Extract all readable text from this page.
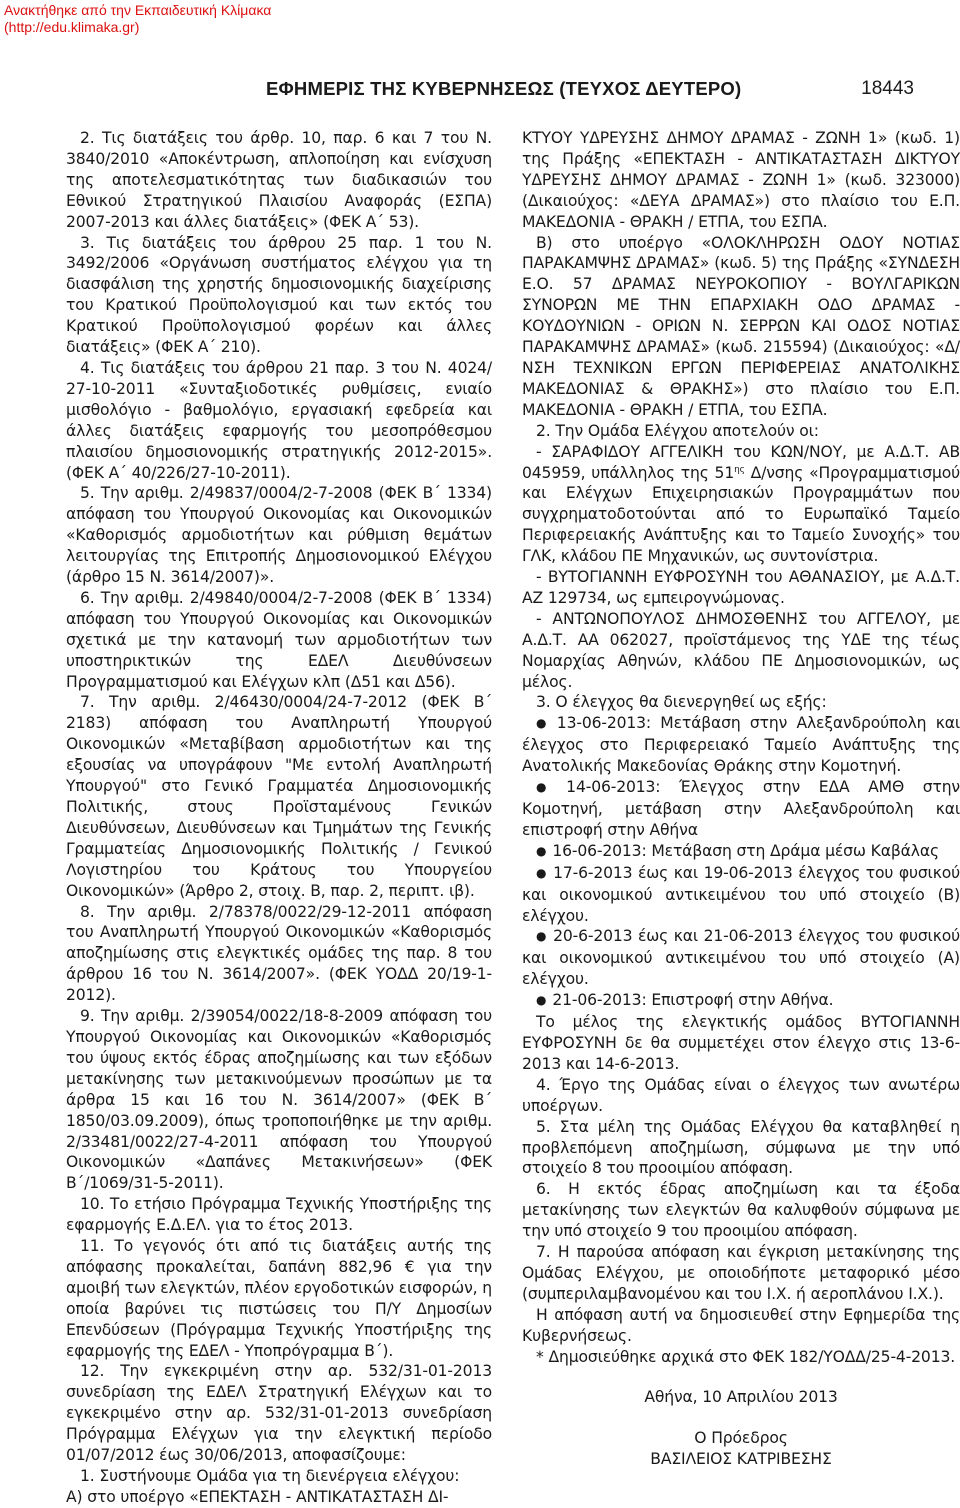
Ανακτήθηκε από την Εκπαιδευτική Κλίμακα
(http://edu.klimaka.gr)
ΕΦΗΜΕΡΙΣ ΤΗΣ ΚΥΒΕΡΝΗΣΕΩΣ (ΤΕΥΧΟΣ ΔΕΥΤΕΡΟ)	18443

2. Τις διατάξεις του άρθρ. 10, παρ. 6 και 7 του Ν. 3840/2010 «Αποκέντρωση, απλοποίηση και ενίσχυση της αποτελεσματικότητας των διαδικασιών του Εθνικού Στρατηγικού Πλαισίου Αναφοράς (ΕΣΠΑ) 2007-2013 και άλλες διατάξεις» (ΦΕΚ Α΄ 53).

3. Τις διατάξεις του άρθρου 25 παρ. 1 του Ν. 3492/2006 «Οργάνωση συστήματος ελέγχου για τη διασφάλιση της χρηστής δημοσιονομικής διαχείρισης του Κρατικού Προϋπολογισμού και των εκτός του Κρατικού Προϋπολογισμού φορέων και άλλες διατάξεις» (ΦΕΚ Α΄ 210).

4. Τις διατάξεις του άρθρου 21 παρ. 3 του Ν. 4024/ 27-10-2011 «Συνταξιοδοτικές ρυθμίσεις, ενιαίο μισθολόγιο - βαθμολόγιο, εργασιακή εφεδρεία και άλλες διατάξεις εφαρμογής του μεσοπρόθεσμου πλαισίου δημοσιονομικής στρατηγικής 2012-2015». (ΦΕΚ Α΄ 40/226/27-10-2011).

5. Την αριθμ. 2/49837/0004/2-7-2008 (ΦΕΚ Β΄ 1334) απόφαση του Υπουργού Οικονομίας και Οικονομικών «Καθορισμός αρμοδιοτήτων και ρύθμιση θεμάτων λειτουργίας της Επιτροπής Δημοσιονομικού Ελέγχου (άρθρο 15 Ν. 3614/2007)».

6. Την αριθμ. 2/49840/0004/2-7-2008 (ΦΕΚ Β΄ 1334) απόφαση του Υπουργού Οικονομίας και Οικονομικών σχετικά με την κατανομή των αρμοδιοτήτων των υποστηρικτικών της ΕΔΕΛ Διευθύνσεων Προγραμματισμού και Ελέγχων κλπ (Δ51 και Δ56).

7. Την αριθμ. 2/46430/0004/24-7-2012 (ΦΕΚ Β΄ 2183) απόφαση του Αναπληρωτή Υπουργού Οικονομικών «Μεταβίβαση αρμοδιοτήτων και της εξουσίας να υπογράφουν "Με εντολή Αναπληρωτή Υπουργού" στο Γενικό Γραμματέα Δημοσιονομικής Πολιτικής, στους Προϊσταμένους Γενικών Διευθύνσεων, Διευθύνσεων και Τμημάτων της Γενικής Γραμματείας Δημοσιονομικής Πολιτικής / Γενικού Λογιστηρίου του Κράτους του Υπουργείου Οικονομικών» (Άρθρο 2, στοιχ. Β, παρ. 2, περιπτ. ιβ).

8. Την αριθμ. 2/78378/0022/29-12-2011 απόφαση του Αναπληρωτή Υπουργού Οικονομικών «Καθορισμός αποζημίωσης στις ελεγκτικές ομάδες της παρ. 8 του άρθρου 16 του Ν. 3614/2007». (ΦΕΚ ΥΟΔΔ 20/19-1-2012).

9. Την αριθμ. 2/39054/0022/18-8-2009 απόφαση του Υπουργού Οικονομίας και Οικονομικών «Καθορισμός του ύψους εκτός έδρας αποζημίωσης και των εξόδων μετακίνησης των μετακινούμενων προσώπων με τα άρθρα 15 και 16 του Ν. 3614/2007» (ΦΕΚ Β΄ 1850/03.09.2009), όπως τροποποιήθηκε με την αριθμ. 2/33481/0022/27-4-2011 απόφαση του Υπουργού Οικονομικών «Δαπάνες Μετακινήσεων» (ΦΕΚ Β΄/1069/31-5-2011).

10. Το ετήσιο Πρόγραμμα Τεχνικής Υποστήριξης της εφαρμογής Ε.Δ.ΕΛ. για το έτος 2013.

11. Το γεγονός ότι από τις διατάξεις αυτής της απόφασης προκαλείται, δαπάνη 882,96 € για την αμοιβή των ελεγκτών, πλέον εργοδοτικών εισφορών, η οποία βαρύνει τις πιστώσεις του Π/Υ Δημοσίων Επενδύσεων (Πρόγραμμα Τεχνικής Υποστήριξης της εφαρμογής της ΕΔΕΛ - Υποπρόγραμμα Β΄).

12. Την εγκεκριμένη στην αρ. 532/31-01-2013 συνεδρίαση της ΕΔΕΛ Στρατηγική Ελέγχων και το εγκεκριμένο στην αρ. 532/31-01-2013 συνεδρίαση Πρόγραμμα Ελέγχων για την ελεγκτική περίοδο 01/07/2012 έως 30/06/2013, αποφασίζουμε:

1. Συστήνουμε Ομάδα για τη διενέργεια ελέγχου:

Α) στο υποέργο «ΕΠΕΚΤΑΣΗ - ΑΝΤΙΚΑΤΑΣΤΑΣΗ ΔΙ-

ΚΤΥΟΥ ΥΔΡΕΥΣΗΣ ΔΗΜΟΥ ΔΡΑΜΑΣ - ΖΩΝΗ 1» (κωδ. 1) της Πράξης «ΕΠΕΚΤΑΣΗ - ΑΝΤΙΚΑΤΑΣΤΑΣΗ ΔΙΚΤΥΟΥ ΥΔΡΕΥΣΗΣ ΔΗΜΟΥ ΔΡΑΜΑΣ - ΖΩΝΗ 1» (κωδ. 323000) (Δικαιούχος: «ΔΕΥΑ ΔΡΑΜΑΣ») στο πλαίσιο του Ε.Π. ΜΑΚΕΔΟΝΙΑ - ΘΡΑΚΗ / ΕΤΠΑ, του ΕΣΠΑ.

Β) στο υποέργο «ΟΛΟΚΛΗΡΩΣΗ ΟΔΟΥ ΝΟΤΙΑΣ ΠΑΡΑΚΑΜΨΗΣ ΔΡΑΜΑΣ» (κωδ. 5) της Πράξης «ΣΥΝΔΕΣΗ Ε.Ο. 57 ΔΡΑΜΑΣ ΝΕΥΡΟΚΟΠΙΟΥ - ΒΟΥΛΓΑΡΙΚΩΝ ΣΥΝΟΡΩΝ ΜΕ ΤΗΝ ΕΠΑΡΧΙΑΚΗ ΟΔΟ ΔΡΑΜΑΣ - ΚΟΥΔΟΥΝΙΩΝ - ΟΡΙΩΝ Ν. ΣΕΡΡΩΝ ΚΑΙ ΟΔΟΣ ΝΟΤΙΑΣ ΠΑΡΑΚΑΜΨΗΣ ΔΡΑΜΑΣ» (κωδ. 215594) (Δικαιούχος: «Δ/ΝΣΗ ΤΕΧΝΙΚΩΝ ΕΡΓΩΝ ΠΕΡΙΦΕΡΕΙΑΣ ΑΝΑΤΟΛΙΚΗΣ ΜΑΚΕΔΟΝΙΑΣ & ΘΡΑΚΗΣ») στο πλαίσιο του Ε.Π. ΜΑΚΕΔΟΝΙΑ - ΘΡΑΚΗ / ΕΤΠΑ, του ΕΣΠΑ.

2. Την Ομάδα Ελέγχου αποτελούν οι:

- ΣΑΡΑΦΙΔΟΥ ΑΓΓΕΛΙΚΗ του ΚΩΝ/ΝΟΥ, με Α.Δ.Τ. ΑΒ 045959, υπάλληλος της $51^{\eta\varsigma}$ Δ/νσης «Προγραμματισμού και Ελέγχων Επιχειρησιακών Προγραμμάτων που συγχρηματοδοτούνται από το Ευρωπαϊκό Ταμείο Περιφερειακής Ανάπτυξης και το Ταμείο Συνοχής» του ΓΛΚ, κλάδου ΠΕ Μηχανικών, ως συντονίστρια.

- ΒΥΤΟΓΙΑΝΝΗ ΕΥΦΡΟΣΥΝΗ του ΑΘΑΝΑΣΙΟΥ, με Α.Δ.Τ. ΑΖ 129734, ως εμπειρογνώμονας.

- ΑΝΤΩΝΟΠΟΥΛΟΣ ΔΗΜΟΣΘΕΝΗΣ του ΑΓΓΕΛΟΥ, με Α.Δ.Τ. ΑΑ 062027, προϊστάμενος της ΥΔΕ της τέως Νομαρχίας Αθηνών, κλάδου ΠΕ Δημοσιονομικών, ως μέλος.

3. Ο έλεγχος θα διενεργηθεί ως εξής:

● 13-06-2013: Μετάβαση στην Αλεξανδρούπολη και έλεγχος στο Περιφερειακό Ταμείο Ανάπτυξης της Ανατολικής Μακεδονίας Θράκης στην Κομοτηνή.

● 14-06-2013: Έλεγχος στην ΕΔΑ ΑΜΘ στην Κομοτηνή, μετάβαση στην Αλεξανδρούπολη και επιστροφή στην Αθήνα

● 16-06-2013: Μετάβαση στη Δράμα μέσω Καβάλας

● 17-6-2013 έως και 19-06-2013 έλεγχος του φυσικού και οικονομικού αντικειμένου του υπό στοιχείο (Β) ελέγχου.

● 20-6-2013 έως και 21-06-2013 έλεγχος του φυσικού και οικονομικού αντικειμένου του υπό στοιχείο (Α) ελέγχου.

● 21-06-2013: Επιστροφή στην Αθήνα.

Το μέλος της ελεγκτικής ομάδος ΒΥΤΟΓΙΑΝΝΗ ΕΥΦΡΟΣΥΝΗ δε θα συμμετέχει στον έλεγχο στις 13-6-2013 και 14-6-2013.

4. Έργο της Ομάδας είναι ο έλεγχος των ανωτέρω υποέργων.

5. Στα μέλη της Ομάδας Ελέγχου θα καταβληθεί η προβλεπόμενη αποζημίωση, σύμφωνα με την υπό στοιχείο 8 του προοιμίου απόφαση.

6. Η εκτός έδρας αποζημίωση και τα έξοδα μετακίνησης των ελεγκτών θα καλυφθούν σύμφωνα με την υπό στοιχείο 9 του προοιμίου απόφαση.

7. Η παρούσα απόφαση και έγκριση μετακίνησης της Ομάδας Ελέγχου, με οποιοδήποτε μεταφορικό μέσο (συμπεριλαμβανομένου και του Ι.Χ. ή αεροπλάνου Ι.Χ.).

Η απόφαση αυτή να δημοσιευθεί στην Εφημερίδα της Κυβερνήσεως.

* Δημοσιεύθηκε αρχικά στο ΦΕΚ 182/ΥΟΔΔ/25-4-2013.

Αθήνα, 10 Απριλίου 2013

Ο Πρόεδρος

ΒΑΣΙΛΕΙΟΣ ΚΑΤΡΙΒΕΣΗΣ
